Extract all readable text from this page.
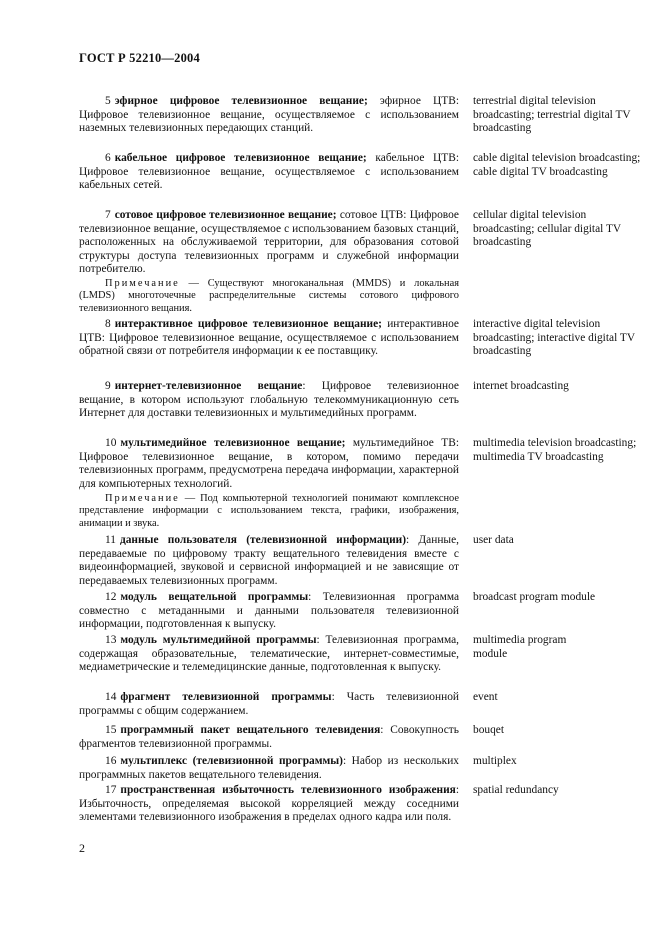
ГОСТ Р 52210—2004
5 эфирное цифровое телевизионное вещание; эфирное ЦТВ: Цифровое телевизионное вещание, осуществляемое с использованием наземных телевизионных передающих станций.
terrestrial digital television broadcasting; terrestrial digital TV broadcasting
6 кабельное цифровое телевизионное вещание; кабельное ЦТВ: Цифровое телевизионное вещание, осуществляемое с использованием кабельных сетей.
cable digital television broadcasting; cable digital TV broadcasting
7 сотовое цифровое телевизионное вещание; сотовое ЦТВ: Цифровое телевизионное вещание, осуществляемое с использованием базовых станций, расположенных на обслуживаемой территории, для образования сотовой структуры доступа телевизионных программ и служебной информации потребителю.
cellular digital television broadcasting; cellular digital TV broadcasting
Примечание — Существуют многоканальная (MMDS) и локальная (LMDS) многоточечные распределительные системы сотового цифрового телевизионного вещания.
8 интерактивное цифровое телевизионное вещание; интерактивное ЦТВ: Цифровое телевизионное вещание, осуществляемое с использованием обратной связи от потребителя информации к ее поставщику.
interactive digital television broadcasting; interactive digital TV broadcasting
9 интернет-телевизионное вещание: Цифровое телевизионное вещание, в котором используют глобальную телекоммуникационную сеть Интернет для доставки телевизионных и мультимедийных программ.
internet broadcasting
10 мультимедийное телевизионное вещание; мультимедийное ТВ: Цифровое телевизионное вещание, в котором, помимо передачи телевизионных программ, предусмотрена передача информации, характерной для компьютерных технологий.
multimedia television broadcasting; multimedia TV broadcasting
Примечание — Под компьютерной технологией понимают комплексное представление информации с использованием текста, графики, изображения, анимации и звука.
11 данные пользователя (телевизионной информации): Данные, передаваемые по цифровому тракту вещательного телевидения вместе с видеоинформацией, звуковой и сервисной информацией и не зависящие от передаваемых телевизионных программ.
user data
12 модуль вещательной программы: Телевизионная программа совместно с метаданными и данными пользователя телевизионной информации, подготовленная к выпуску.
broadcast program module
13 модуль мультимедийной программы: Телевизионная программа, содержащая образовательные, телематические, интернет-совместимые, медиаметрические и телемедицинские данные, подготовленная к выпуску.
multimedia program module
14 фрагмент телевизионной программы: Часть телевизионной программы с общим содержанием.
event
15 программный пакет вещательного телевидения: Совокупность фрагментов телевизионной программы.
bouqet
16 мультиплекс (телевизионной программы): Набор из нескольких программных пакетов вещательного телевидения.
multiplex
17 пространственная избыточность телевизионного изображения: Избыточность, определяемая высокой корреляцией между соседними элементами телевизионного изображения в пределах одного кадра или поля.
spatial redundancy
2
